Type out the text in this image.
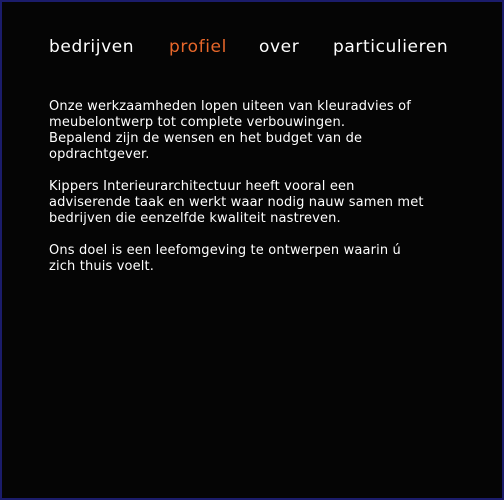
bedrijven profiel over particulieren

Onze werkzaamheden lopen uiteen van kleuradvies of
meubelontwerp tot complete verbouwingen.
Bepalend zijn de wensen en het budget van de
opdrachtgever.

Kippers Interieurarchitectuur heeft vooral een
adviserende taak en werkt waar nodig nauw samen met
bedrijven die eenzelfde kwaliteit nastreven.

Ons doel is een leefomgeving te ontwerpen waarin ú
zich thuis voelt.
